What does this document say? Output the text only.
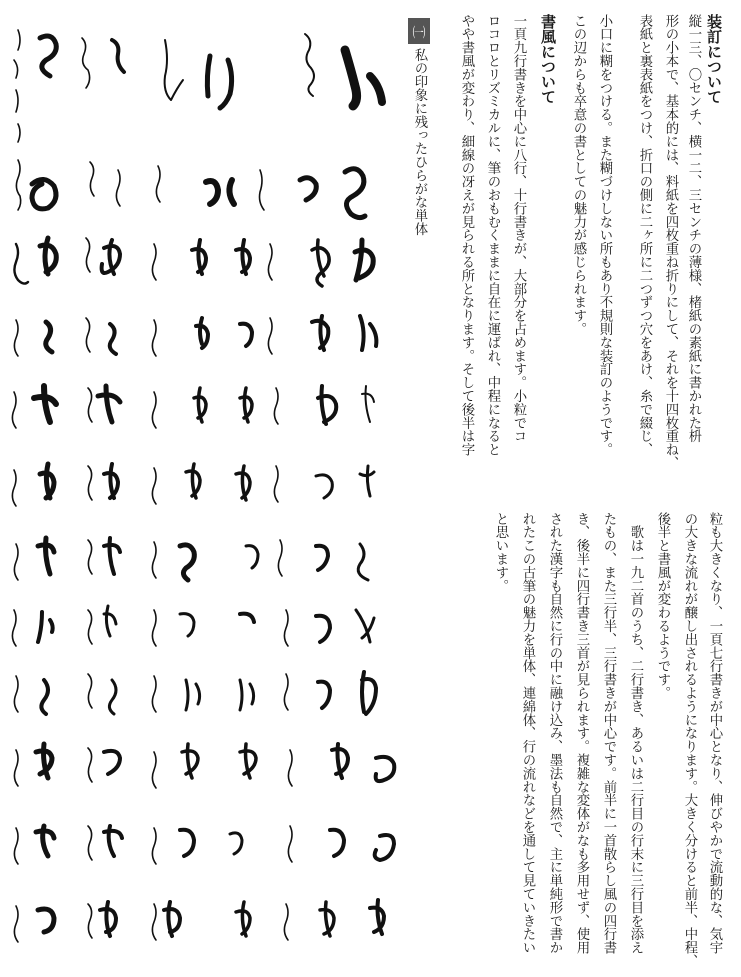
㈠
私の印象に残ったひらがな単体	装訂について
縦一三、〇センチ、横一二、三センチの薄様、楮紙の素紙に書かれた枡
形の小本で、基本的には、料紙を四枚重ね折りにして、それを十四枚重ね、
表紙と裏表紙をつけ、折口の側に二ヶ所に二つずつ穴をあけ、糸で綴じ、
小口に糊をつける。また糊づけしない所もあり不規則な装訂のようです。
この辺からも卒意の書としての魅力が感じられます。
書風について
一頁九行書きを中心に八行、十行書きが、大部分を占めます。小粒でコ
ロコロとリズミカルに、筆のおもむくままに自在に運ばれ、中程になると
やや書風が変わり、細線の冴えが見られる所となります。そして後半は字
粒も大きくなり、一頁七行書きが中心となり、伸びやかで流動的な、気宇
の大きな流れが醸し出されるようになります。大きく分けると前半、中程、
後半と書風が変わるようです。
　歌は一九二首のうち、二行書き、あるいは二行目の行末に三行目を添え
たもの、また三行半、三行書きが中心です。前半に一首散らし風の四行書
き、後半に四行書き三首が見られます。複雑な変体がなも多用せず、使用
された漢字も自然に行の中に融け込み、墨法も自然で、主に単純形で書か
れたこの古筆の魅力を単体、連綿体、行の流れなどを通して見ていきたい
と思います。
